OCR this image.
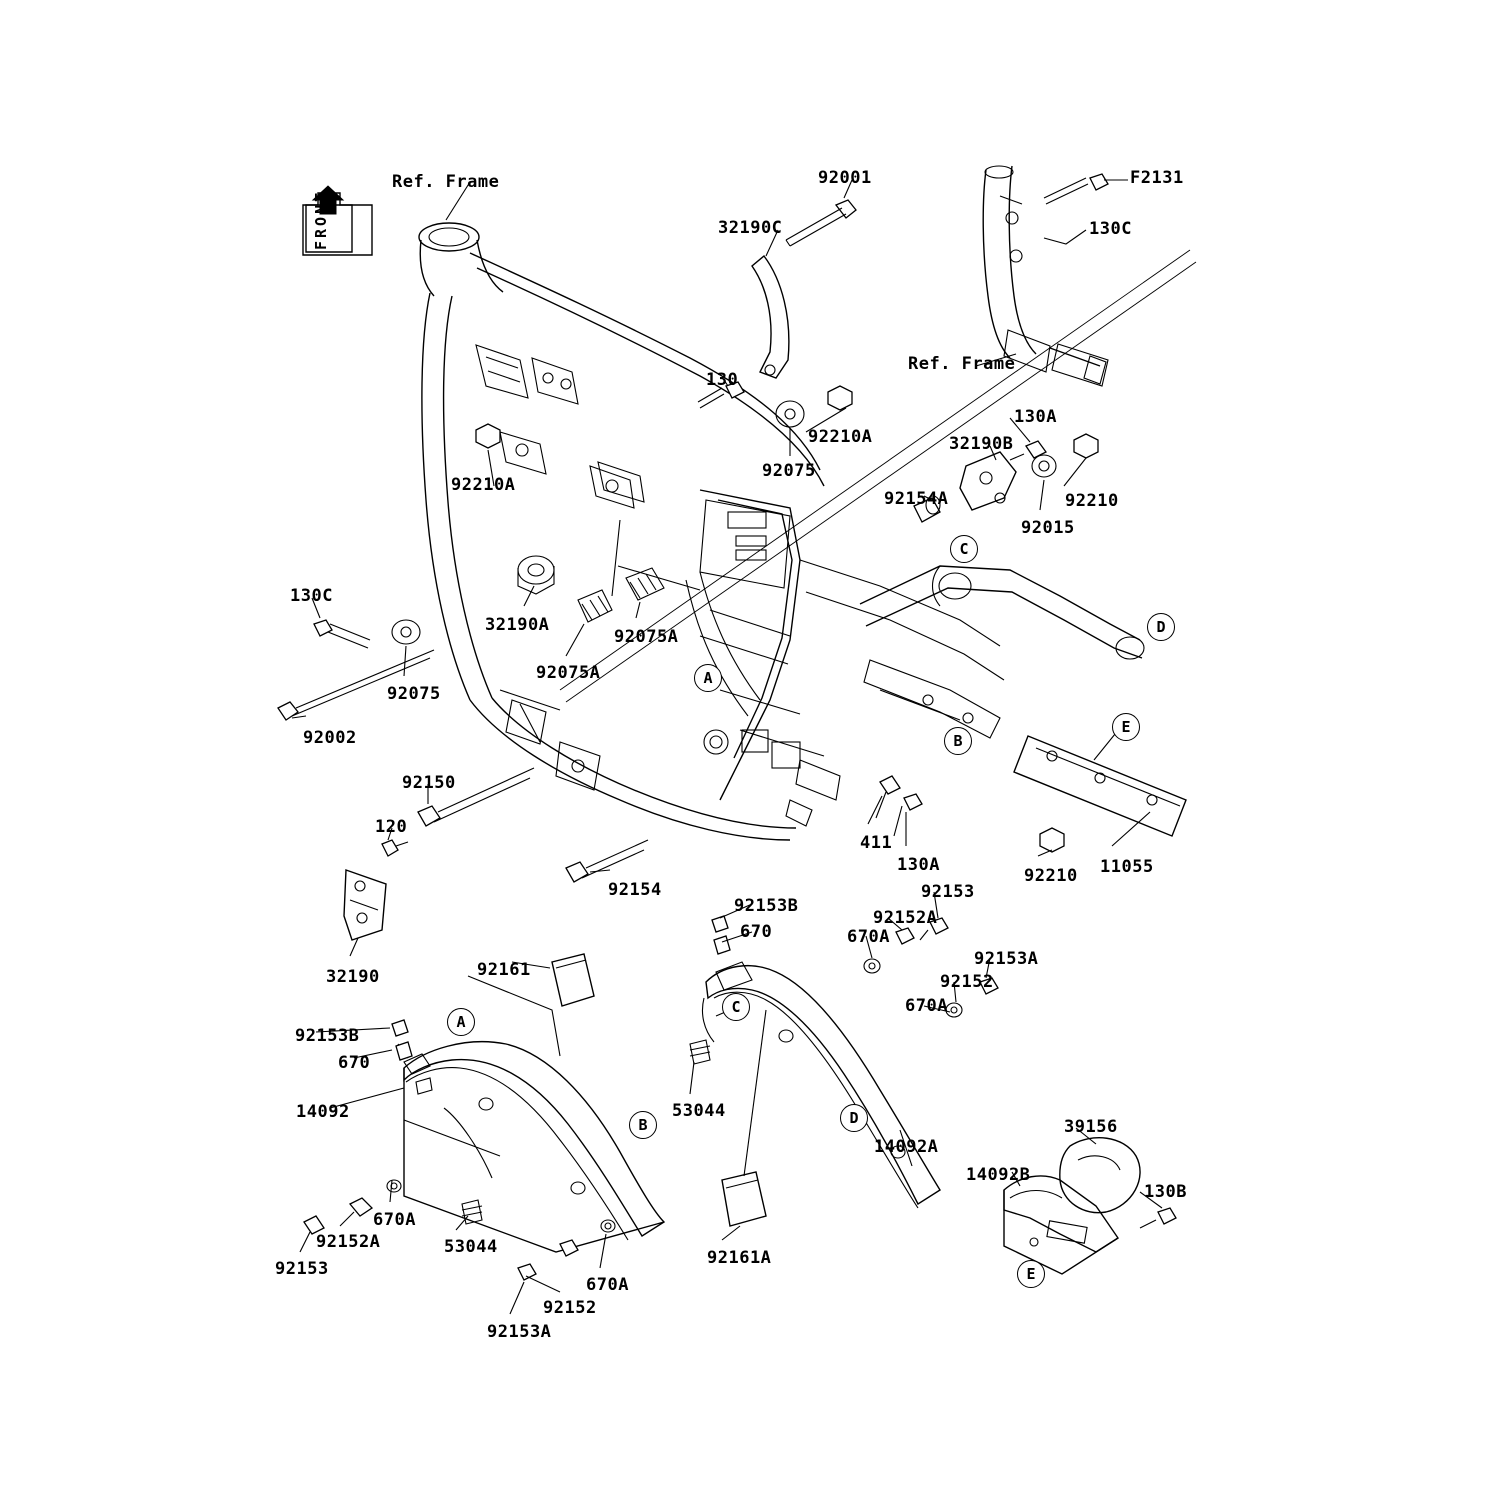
92001	F2131
32190C	130C
130
92210A
92075
130A
32190B
92210
92015
92154A
92210A
130C
32190A
92075A
92075A
92075
92002
92150
120
92154
32190
411
130A
92153
92210 11055
92153B
670
92152A
670A
92152
92153A
670A
92161
92153B
670
14092	53044
14092A
39156
14092B
130B
670A
92152A	53044
92153
92161A
670A
92152
92153A
Ref. Frame
Ref. Frame
A
B
C
D
E
A
B
C
D
E
FRONT
